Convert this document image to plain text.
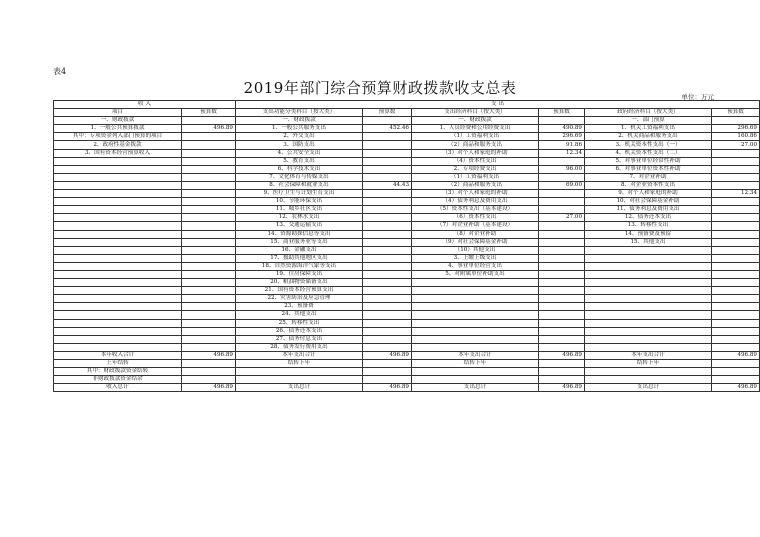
表4
2019年部门综合预算财政拨款收支总表	单位：万元
收 入		支 出					
项目	预算数	支出功能分类科目（按大类）	预算数	支出经济科目（按大类）	预算数	政府经济科目（按大类）	预算数
一、财政拨款		一、财政拨款		一、财政拨款		一、部门预算	
1、一般公共预算拨款	496.89	1、一般公共服务支出	452.46	1、人员经费和公用经费支出	490.89	1、机关工资福利支出	296.69
其中：专项资金列入部门预算的项目		2、外交支出		（1）工资福利支出	296.69	2、机关商品和服务支出	160.86
2、政府性基金拨款		3、国防支出		（2）商品和服务支出	91.86	3、机关资本性支出（一）	27.00
3、国有资本经营预算收入		4、公共安全支出		（3）对个人和家庭的补助	12.34	4、机关资本性支出（二）	
		5、教育支出		（4）资本性支出		5、对事业单位经常性补助	
		6、科学技术支出		2、专项经费支出	96.00	6、对事业单位资本性补助	
		7、文化体育与传媒支出		（1）工资福利支出		7、对企业补助	
		8、社会保障和就业支出	44.43	（2）商品和服务支出	69.00	8、对企业资本性支出	
		9、医疗卫生与计划生育支出		（3）对个人和家庭的补助		9、对个人和家庭的补助	12.34
		10、节能环保支出		（4）债务利息及费用支出		10、对社会保障基金补助	
		11、城乡社区支出		（5）资本性支出（基本建设）		11、债务利息及费用支出	
		12、农林水支出		（6）资本性支出	27.00	12、债务还本支出	
		13、交通运输支出		（7）对企业补助（基本建设）		13、转移性支出	
		14、资源勘探信息等支出		（8）对企业补助		14、预备费及预留	
		15、商业服务业等支出		（9）对社会保障基金补助		15、其他支出	
		16、金融支出		（10）其他支出			
		17、援助其他地区支出		3、上缴上级支出			
		18、自然资源海洋气象等支出		4、事业单位经营支出			
		19、住房保障支出		5、对附属单位补助支出			
		20、粮油物资储备支出					
		21、国有资本经营预算支出					
		22、灾害防治及应急管理					
		23、预备费					
		24、其他支出					
		25、转移性支出					
		26、债务还本支出					
		27、债务付息支出					
		28、债务发行费用支出					
本年收入合计	496.89	本年支出合计	496.89	本年支出合计	496.89	本年支出合计	496.89
上年结转		结转下年		结转下年		结转下年	
其中：财政拨款资金结转							
非财政拨款资金结余							
收入总计	496.89	支出总计	496.89	支出总计	496.89	支出总计	496.89
